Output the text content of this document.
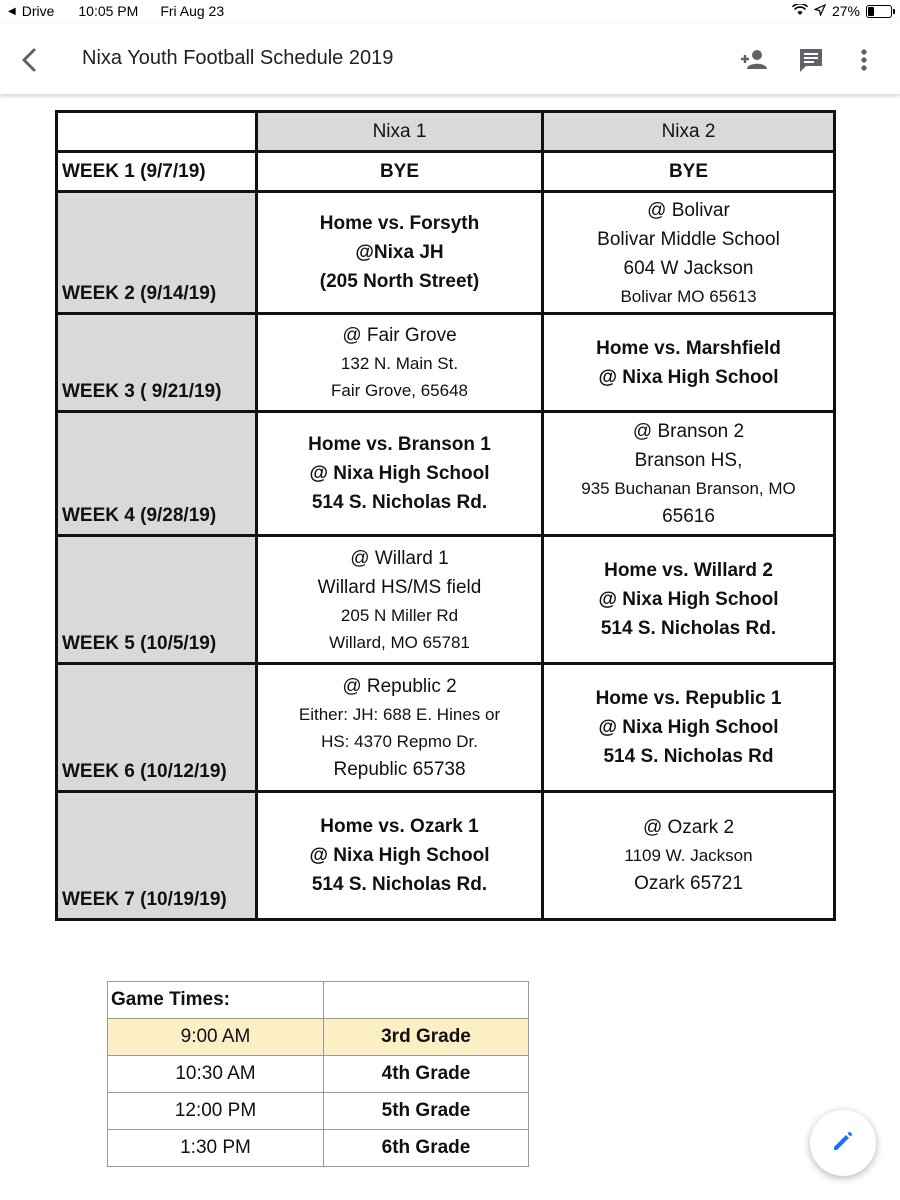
◀ Drive 10:05 PM Fri Aug 23	27%
Nixa Youth Football Schedule 2019
	Nixa 1	Nixa 2
WEEK 1 (9/7/19)	BYE	BYE

WEEK 2 (9/14/19)	Home vs. Forsyth
@Nixa JH
(205 North Street)	@ Bolivar
Bolivar Middle School
604 W Jackson
Bolivar MO 65613

WEEK 3 ( 9/21/19)	@ Fair Grove
132 N. Main St.
Fair Grove, 65648	Home vs. Marshfield
@ Nixa High School

WEEK 4 (9/28/19)	Home vs. Branson 1
@ Nixa High School
514 S. Nicholas Rd.	@ Branson 2
Branson HS,
935 Buchanan Branson, MO
65616

WEEK 5 (10/5/19)	@ Willard 1
Willard HS/MS field
205 N Miller Rd
Willard, MO 65781	Home vs. Willard 2
@ Nixa High School
514 S. Nicholas Rd.

WEEK 6 (10/12/19)	@ Republic 2
Either: JH: 688 E. Hines or
HS: 4370 Repmo Dr.
Republic 65738	Home vs. Republic 1
@ Nixa High School
514 S. Nicholas Rd

WEEK 7 (10/19/19)	Home vs. Ozark 1
@ Nixa High School
514 S. Nicholas Rd.	@ Ozark 2
1109 W. Jackson
Ozark 65721
Game Times:	
9:00 AM	3rd Grade
10:30 AM	4th Grade
12:00 PM	5th Grade
1:30 PM	6th Grade
